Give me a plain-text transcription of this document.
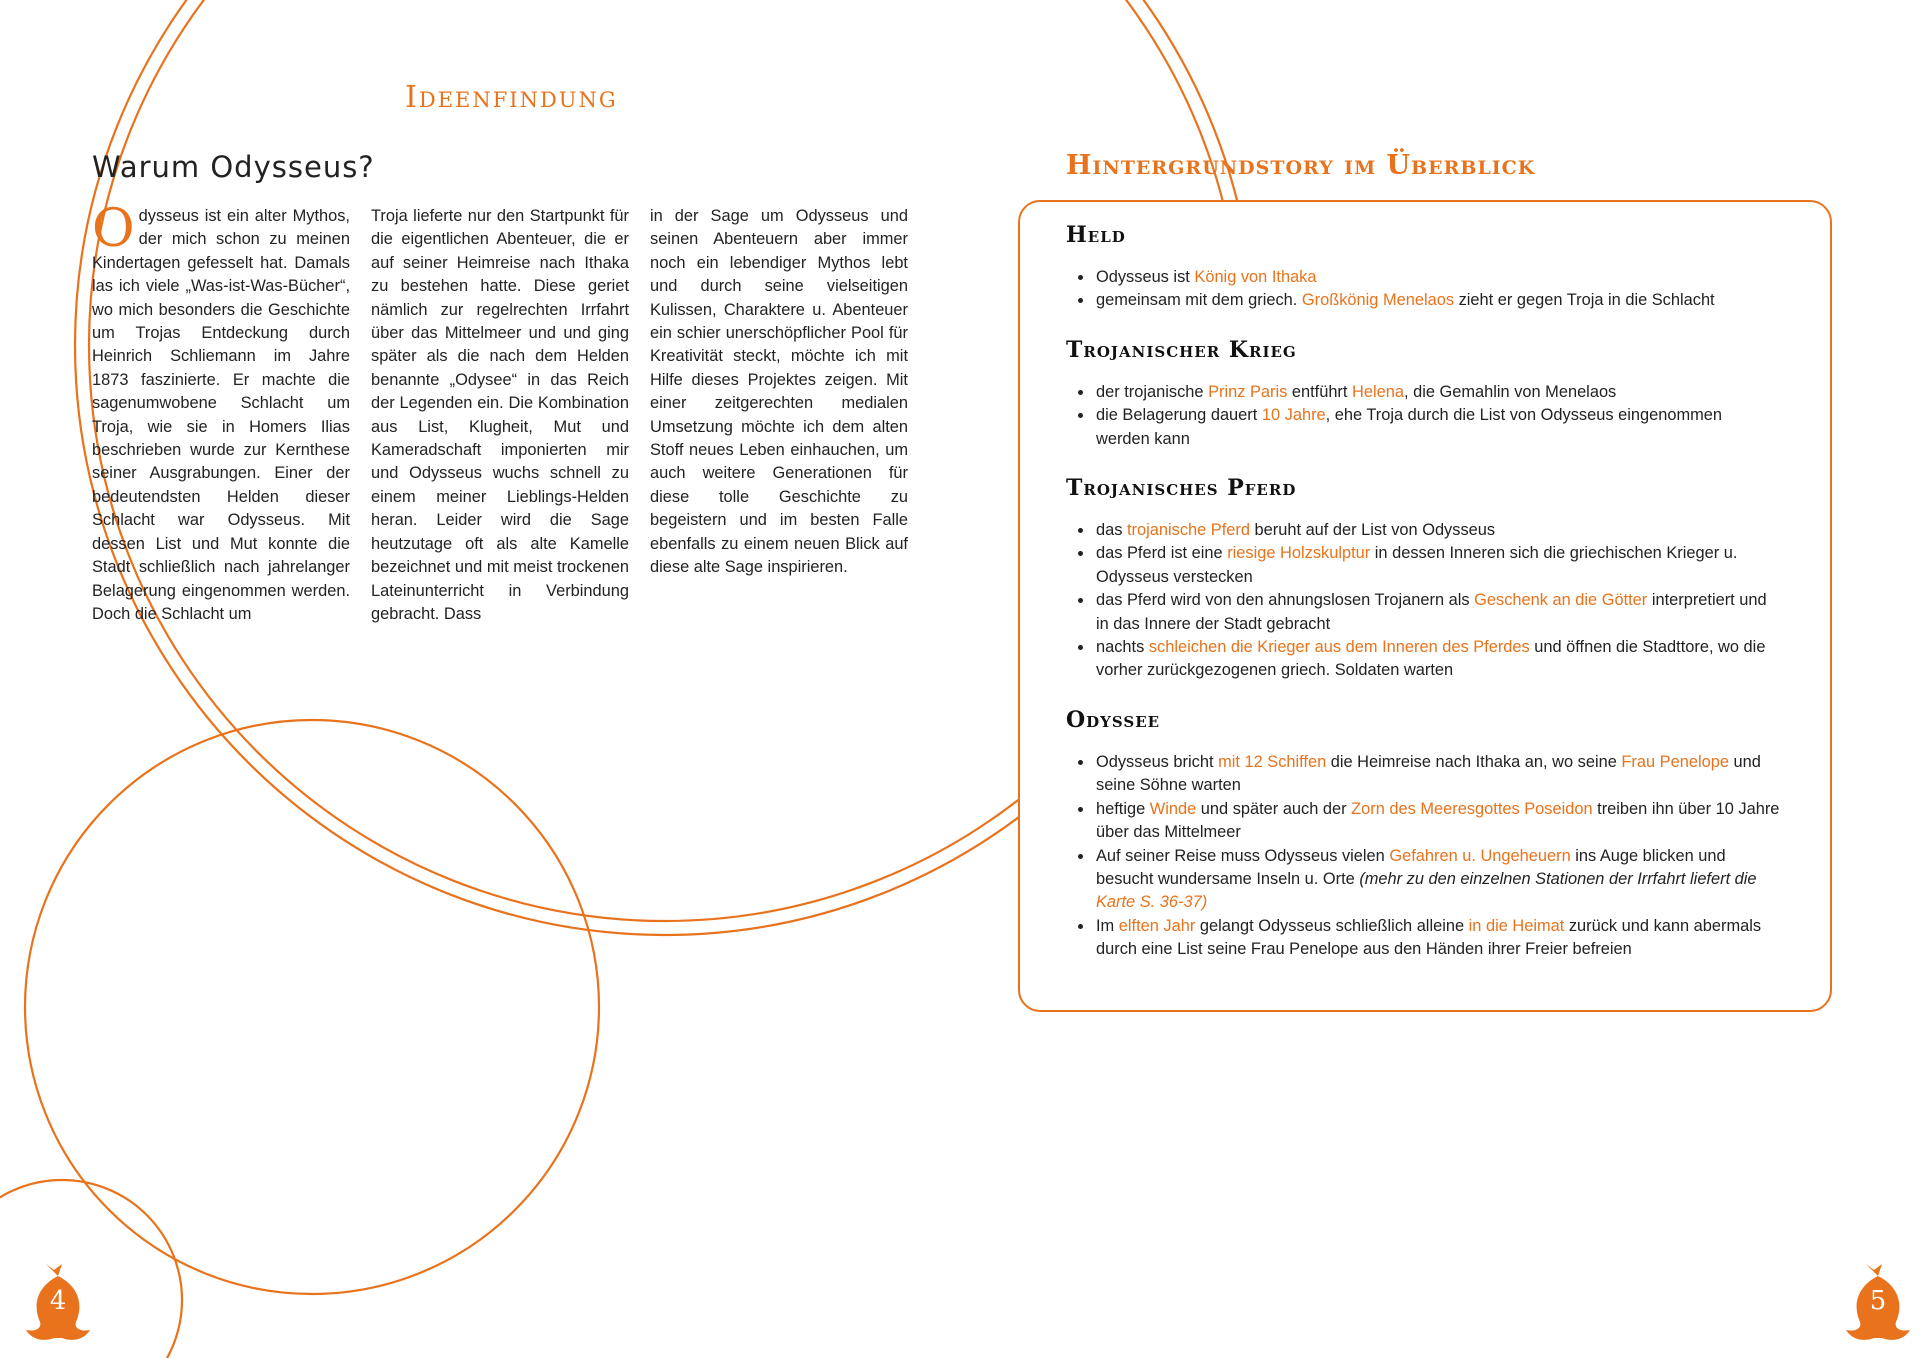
Ideenfindung
Warum Odysseus?

Odysseus ist ein alter Mythos, der mich schon zu meinen Kindertagen gefesselt hat. Damals las ich viele „Was-ist-Was-Bücher“, wo mich besonders die Geschichte um Trojas Entdeckung durch Heinrich Schliemann im Jahre 1873 faszinierte. Er machte die sagenumwobene Schlacht um Troja, wie sie in Homers Ilias beschrieben wurde zur Kernthese seiner Ausgrabungen. Einer der bedeutendsten Helden dieser Schlacht war Odysseus. Mit dessen List und Mut konnte die Stadt schließlich nach jahrelanger Belagerung eingenommen werden. Doch die Schlacht um

Troja lieferte nur den Startpunkt für die eigentlichen Abenteuer, die er auf seiner Heimreise nach Ithaka zu bestehen hatte. Diese geriet nämlich zur regelrechten Irrfahrt über das Mittelmeer und und ging später als die nach dem Helden benannte „Odysee“ in das Reich der Legenden ein. Die Kombination aus List, Klugheit, Mut und Kameradschaft imponierten mir und Odysseus wuchs schnell zu einem meiner Lieblings-Helden heran. Leider wird die Sage heutzutage oft als alte Kamelle bezeichnet und mit meist trockenen Lateinunterricht in Verbindung gebracht. Dass

in der Sage um Odysseus und seinen Abenteuern aber immer noch ein lebendiger Mythos lebt und durch seine vielseitigen Kulissen, Charaktere u. Abenteuer ein schier unerschöpflicher Pool für Kreativität steckt, möchte ich mit Hilfe dieses Projektes zeigen. Mit einer zeitgerechten medialen Umsetzung möchte ich dem alten Stoff neues Leben einhauchen, um auch weitere Generationen für diese tolle Geschichte zu begeistern und im besten Falle ebenfalls zu einem neuen Blick auf diese alte Sage inspirieren.

Hintergrundstory im Überblick
Held
• Odysseus ist König von Ithaka
• gemeinsam mit dem griech. Großkönig Menelaos zieht er gegen Troja in die Schlacht
Trojanischer Krieg
• der trojanische Prinz Paris entführt Helena, die Gemahlin von Menelaos
• die Belagerung dauert 10 Jahre, ehe Troja durch die List von Odysseus eingenommen werden kann
Trojanisches Pferd
• das trojanische Pferd beruht auf der List von Odysseus
• das Pferd ist eine riesige Holzskulptur in dessen Inneren sich die griechischen Krieger u. Odysseus verstecken
• das Pferd wird von den ahnungslosen Trojanern als Geschenk an die Götter interpretiert und in das Innere der Stadt gebracht
• nachts schleichen die Krieger aus dem Inneren des Pferdes und öffnen die Stadttore, wo die vorher zurückgezogenen griech. Soldaten warten
Odyssee
• Odysseus bricht mit 12 Schiffen die Heimreise nach Ithaka an, wo seine Frau Penelope und seine Söhne warten
• heftige Winde und später auch der Zorn des Meeresgottes Poseidon treiben ihn über 10 Jahre über das Mittelmeer
• Auf seiner Reise muss Odysseus vielen Gefahren u. Ungeheuern ins Auge blicken und besucht wundersame Inseln u. Orte (mehr zu den einzelnen Stationen der Irrfahrt liefert die Karte S. 36-37)
• Im elften Jahr gelangt Odysseus schließlich alleine in die Heimat zurück und kann abermals durch eine List seine Frau Penelope aus den Händen ihrer Freier befreien
4	5
